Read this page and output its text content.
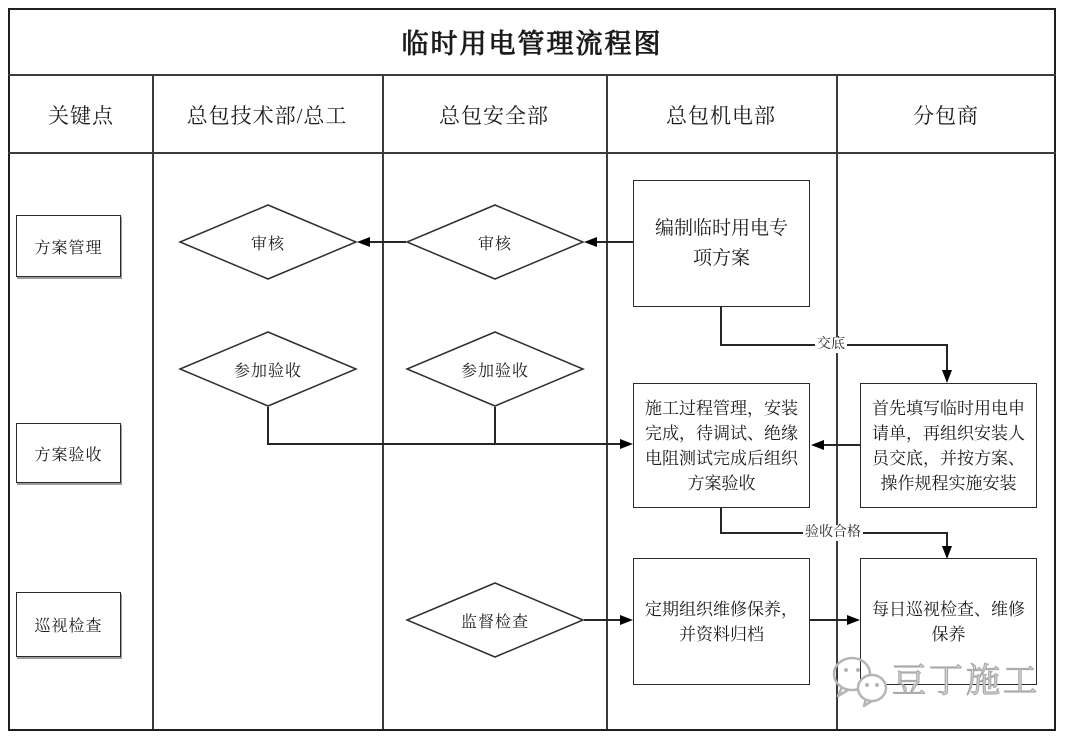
临时用电管理流程图
关键点	总包技术部/总工	总包安全部	总包机电部	分包商
交底
验收合格
方案管理
方案验收
巡视检查
审核	审核
参加验收	参加验收
监督检查
编制临时用电专项方案
施工过程管理，安装完成，待调试、绝缘电阻测试完成后组织方案验收
首先填写临时用电申请单，再组织安装人员交底，并按方案、操作规程实施安装
定期组织维修保养，并资料归档
每日巡视检查、维修保养
豆丁施工
